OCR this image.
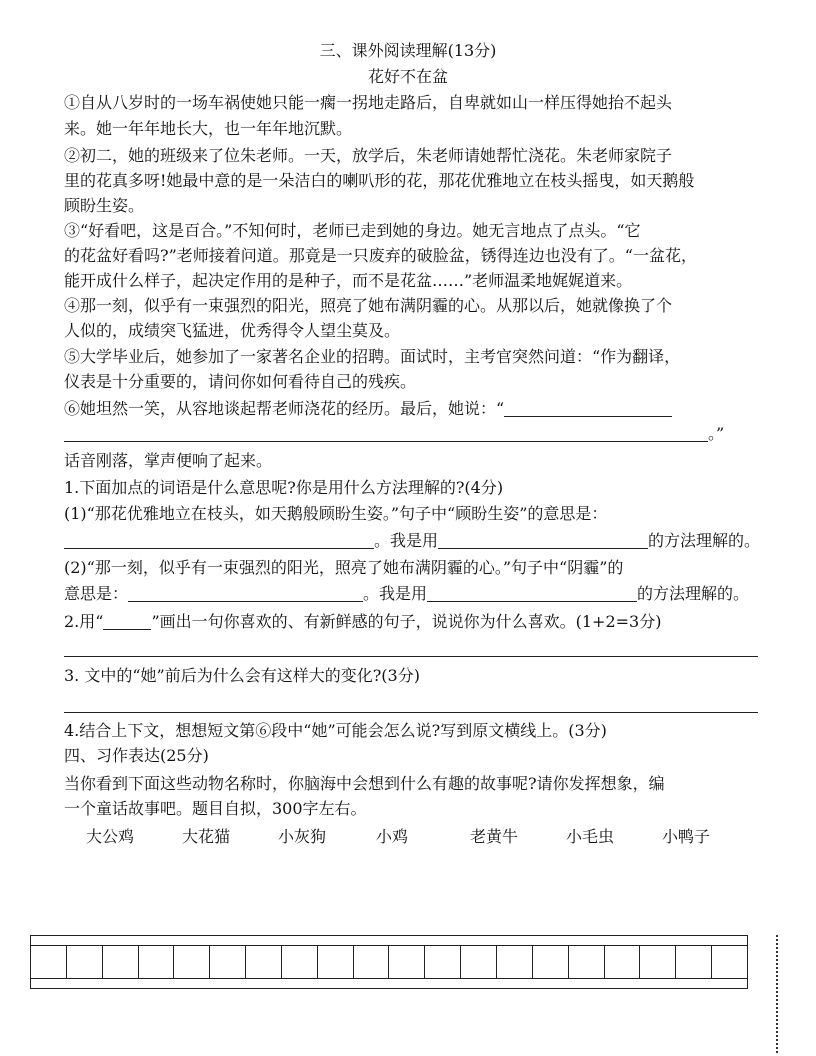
三、课外阅读理解(13分)
花好不在盆
①自从八岁时的一场车祸使她只能一瘸一拐地走路后，自卑就如山一样压得她抬不起头
来。她一年年地长大，也一年年地沉默。
②初二，她的班级来了位朱老师。一天，放学后，朱老师请她帮忙浇花。朱老师家院子
里的花真多呀!她最中意的是一朵洁白的喇叭形的花，那花优雅地立在枝头摇曳，如天鹅般
顾盼生姿。
③“好看吧，这是百合。”不知何时，老师已走到她的身边。她无言地点了点头。“它
的花盆好看吗?”老师接着问道。那竟是一只废弃的破脸盆，锈得连边也没有了。“一盆花，
能开成什么样子，起决定作用的是种子，而不是花盆……”老师温柔地娓娓道来。
④那一刻，似乎有一束强烈的阳光，照亮了她布满阴霾的心。从那以后，她就像换了个
人似的，成绩突飞猛进，优秀得令人望尘莫及。
⑤大学毕业后，她参加了一家著名企业的招聘。面试时，主考官突然问道：“作为翻译，
仪表是十分重要的，请问你如何看待自己的残疾。
⑥她坦然一笑，从容地谈起帮老师浇花的经历。最后，她说：“
。”
话音刚落，掌声便响了起来。
1.下面加点的词语是什么意思呢?你是用什么方法理解的?(4分)
(1)“那花优雅地立在枝头，如天鹅般顾盼生姿。”句子中“顾盼生姿”的意思是：
。我是用	的方法理解的。
(2)“那一刻，似乎有一束强烈的阳光，照亮了她布满阴霾的心。”句子中“阴霾”的
意思是：	。我是用	的方法理解的。
2.用“	”画出一句你喜欢的、有新鲜感的句子，说说你为什么喜欢。(1+2=3分)
3. 文中的“她”前后为什么会有这样大的变化?(3分)
4.结合上下文，想想短文第⑥段中“她”可能会怎么说?写到原文横线上。(3分)
四、习作表达(25分)
当你看到下面这些动物名称时，你脑海中会想到什么有趣的故事呢?请你发挥想象，编
一个童话故事吧。题目自拟，300字左右。
大公鸡	大花猫	小灰狗	小鸡	老黄牛	小毛虫	小鸭子
